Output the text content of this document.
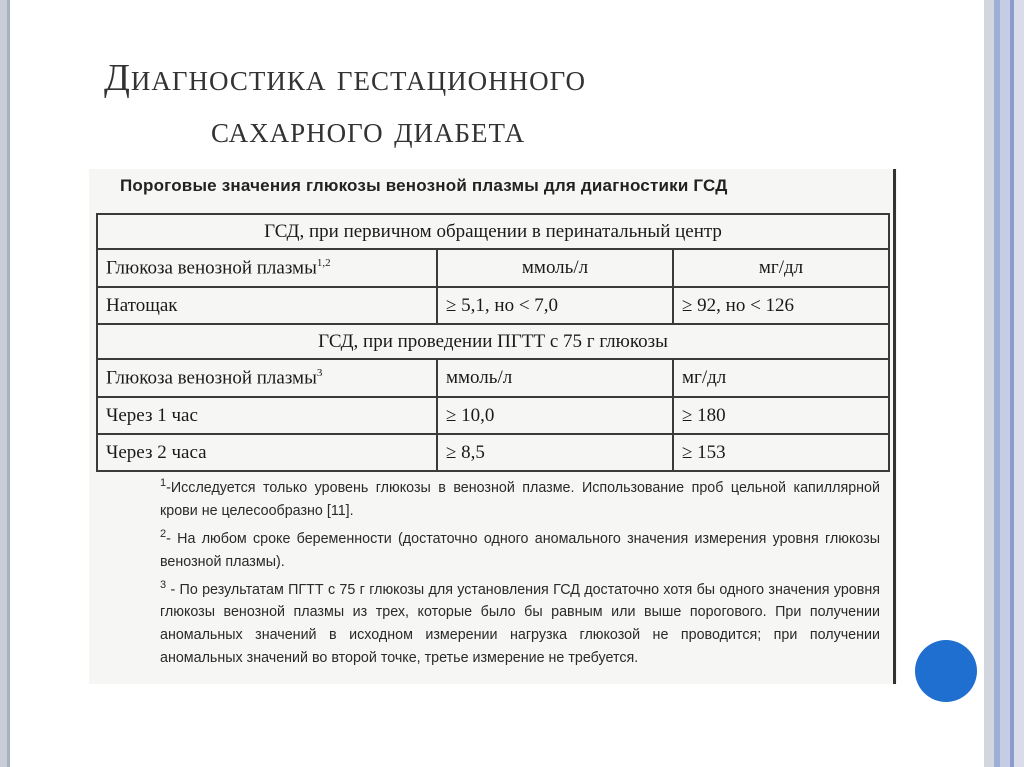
Диагностика гестационного
сахарного диабета
Пороговые значения глюкозы венозной плазмы для диагностики ГСД
ГСД, при первичном обращении в перинатальный центр		
Глюкоза венозной плазмы$^{1,2}$	ммоль/л	мг/дл
Натощак	≥ 5,1, но < 7,0	≥ 92, но < 126
ГСД, при проведении ПГТТ с 75 г глюкозы		
Глюкоза венозной плазмы$^3$	ммоль/л	мг/дл
Через 1 час	≥ 10,0	≥ 180
Через 2 часа	≥ 8,5	≥ 153

$^1$-Исследуется только уровень глюкозы в венозной плазме. Использование проб цельной капиллярной крови не целесообразно [11].

$^2$- На любом сроке беременности (достаточно одного аномального значения измерения уровня глюкозы венозной плазмы).

$^3$ - По результатам ПГТТ с 75 г глюкозы для установления ГСД достаточно хотя бы одного значения уровня глюкозы венозной плазмы из трех, которые было бы равным или выше порогового. При получении аномальных значений в исходном измерении нагрузка глюкозой не проводится; при получении аномальных значений во второй точке, третье измерение не требуется.
